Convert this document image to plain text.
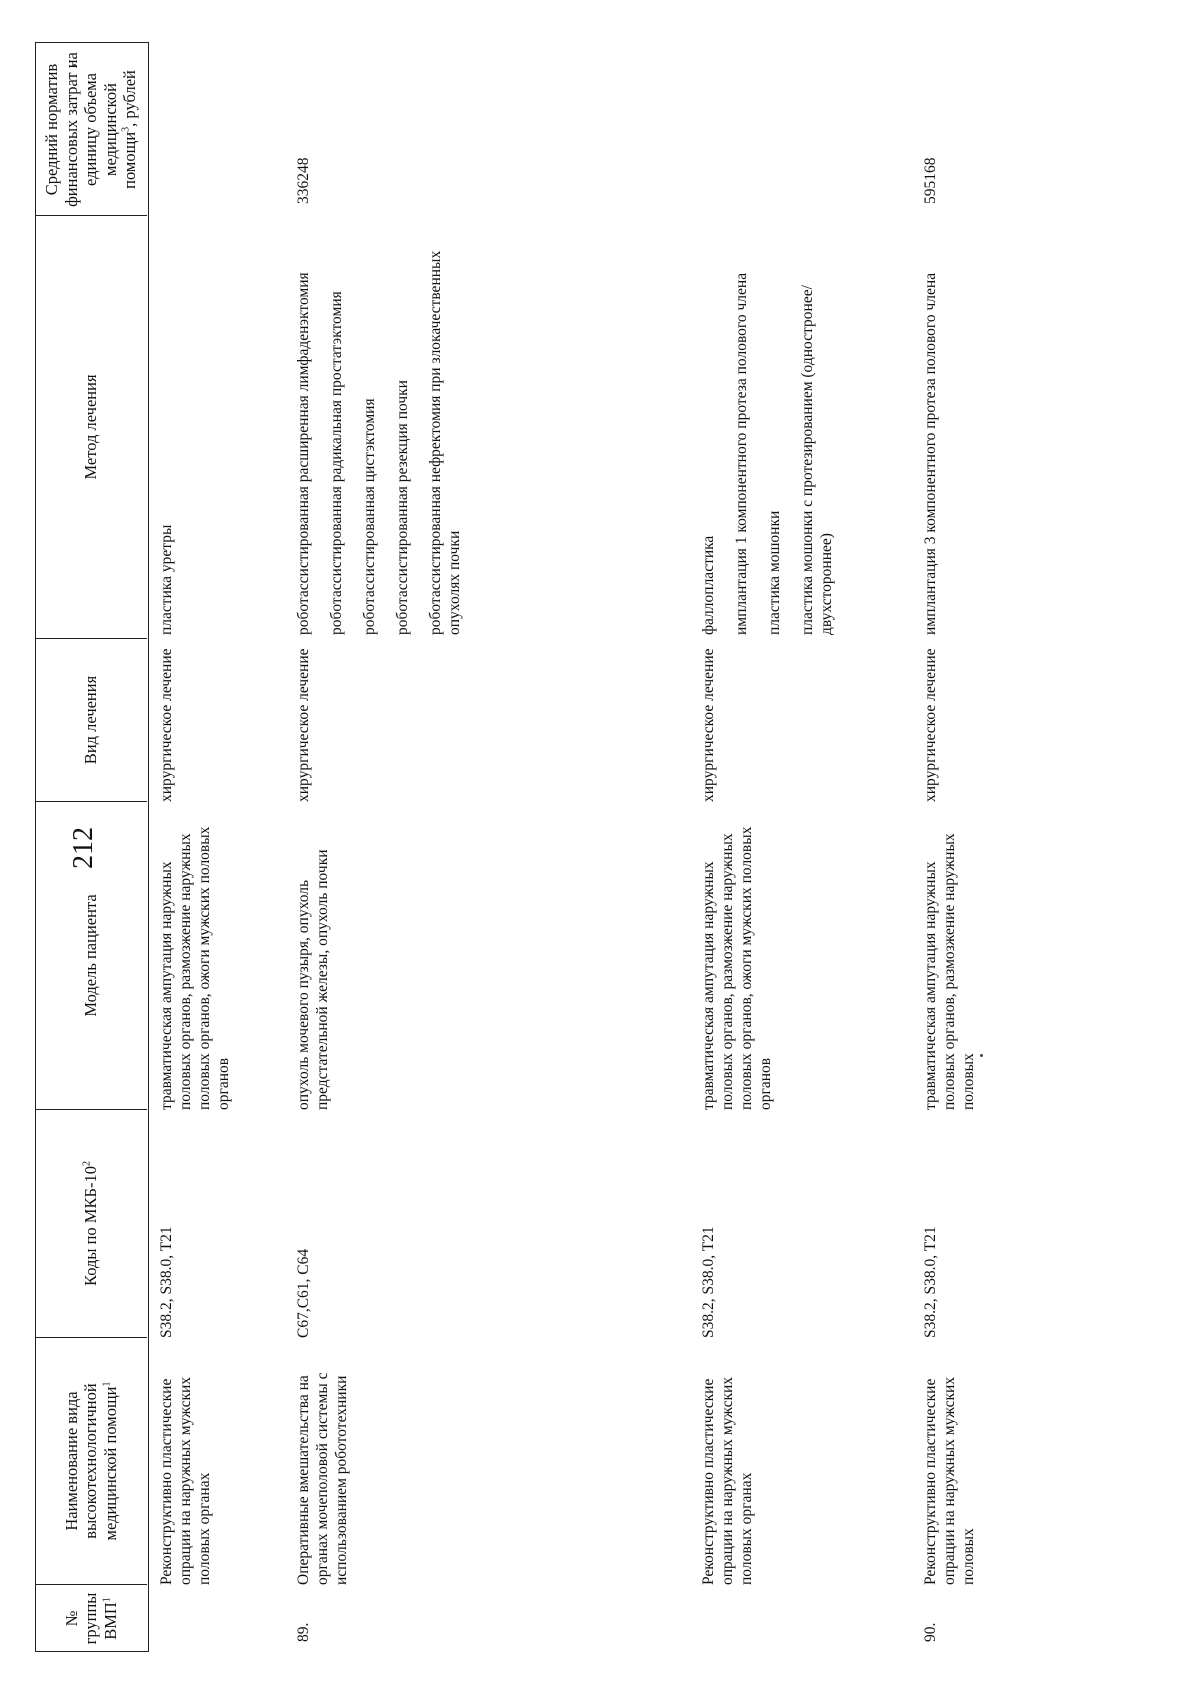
212
№ группы ВМП$^1$
Наименование вида высокотехнологичной медицинской помощи$^1$
Коды по МКБ-$10^2$
Модель пациента
Вид лечения
Метод лечения
Средний норматив финансовых затрат на единицу объема медицинской помощи$^3$, рублей
Реконструктивно пластические опрации на наружных мужских половых органах
S38.2, S38.0, T21
травматическая ампутация наружных половых органов, размозжение наружных половых органов, ожоги мужских половых органов
хирургическое лечение
пластика уретры
89.
Оперативные вмешательства на органах мочеполовой системы с использованием робототехники
C67,C61, C64
опухоль мочевого пузыря, опухоль предстательной железы, опухоль почки
хирургическое лечение
роботассистированная расширенная лимфаденэктомия роботассистированная радикальная простатэктомия роботассистированная цистэктомия роботассистированная резекция почки роботассистированная нефректомия при злокачественных опухолях почки
336248
Реконструктивно пластические опрации на наружных мужских половых органах
S38.2, S38.0, T21
травматическая ампутация наружных половых органов, размозжение наружных половых органов, ожоги мужских половых органов
хирургическое лечение
фаллопластика имплантация 1 компонентного протеза полового члена пластика мошонки пластика мошонки с протезированием (одностронее/двухстороннее)
90.
Реконструктивно пластические опрации на наружных мужских половых
S38.2, S38.0, T21
травматическая ампутация наружных половых органов, размозжение наружных половых
хирургическое лечение
имплантация 3 компонентного протеза полового члена
595168
